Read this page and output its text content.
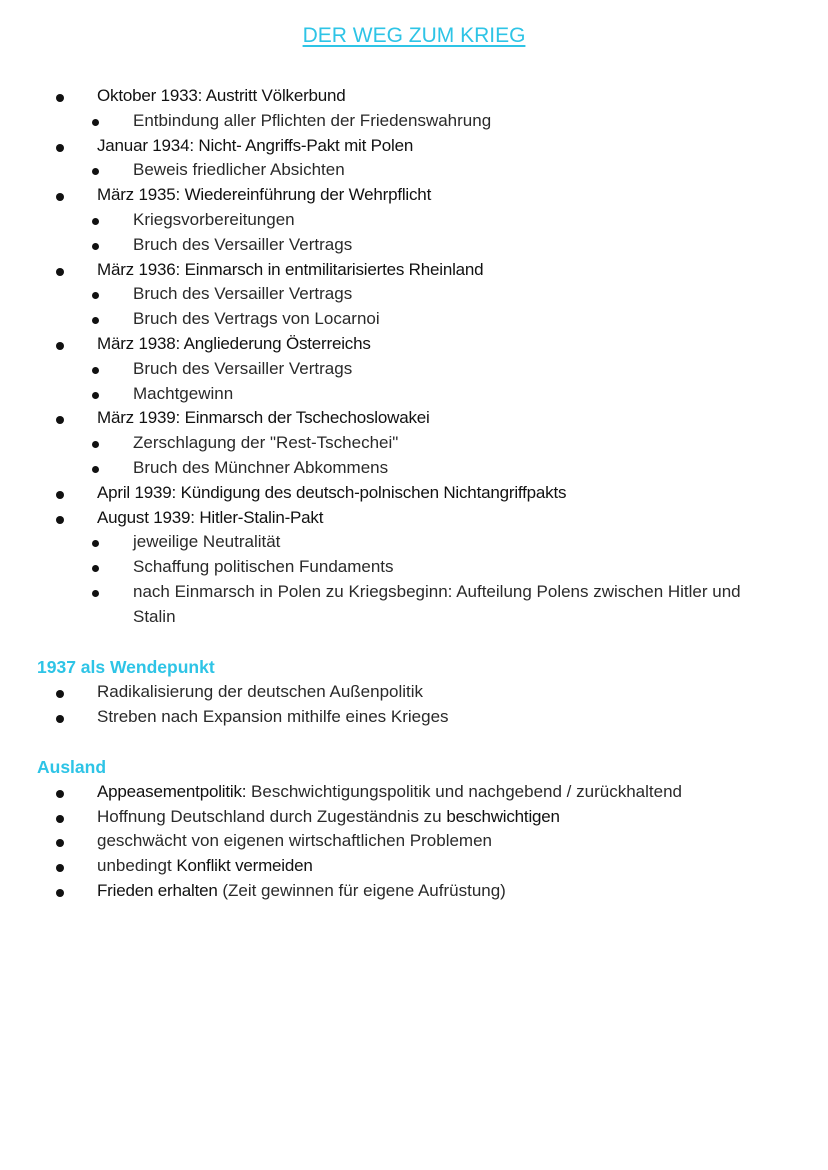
DER WEG ZUM KRIEG
Oktober 1933: Austritt Völkerbund
Entbindung aller Pflichten der Friedenswahrung
Januar 1934: Nicht- Angriffs-Pakt mit Polen
Beweis friedlicher Absichten
März 1935: Wiedereinführung der Wehrpflicht
Kriegsvorbereitungen
Bruch des Versailler Vertrags
März 1936: Einmarsch in entmilitarisiertes Rheinland
Bruch des Versailler Vertrags
Bruch des Vertrags von Locarnoi
März 1938: Angliederung Österreichs
Bruch des Versailler Vertrags
Machtgewinn
März 1939: Einmarsch der Tschechoslowakei
Zerschlagung der "Rest-Tschechei"
Bruch des Münchner Abkommens
April 1939: Kündigung des deutsch-polnischen Nichtangriffpakts
August 1939: Hitler-Stalin-Pakt
jeweilige Neutralität
Schaffung politischen Fundaments
nach Einmarsch in Polen zu Kriegsbeginn: Aufteilung Polens zwischen Hitler und Stalin
1937 als Wendepunkt
Radikalisierung der deutschen Außenpolitik
Streben nach Expansion mithilfe eines Krieges
Ausland
Appeasementpolitik: Beschwichtigungspolitik und nachgebend / zurückhaltend
Hoffnung Deutschland durch Zugeständnis zu beschwichtigen
geschwächt von eigenen wirtschaftlichen Problemen
unbedingt Konflikt vermeiden
Frieden erhalten (Zeit gewinnen für eigene Aufrüstung)
